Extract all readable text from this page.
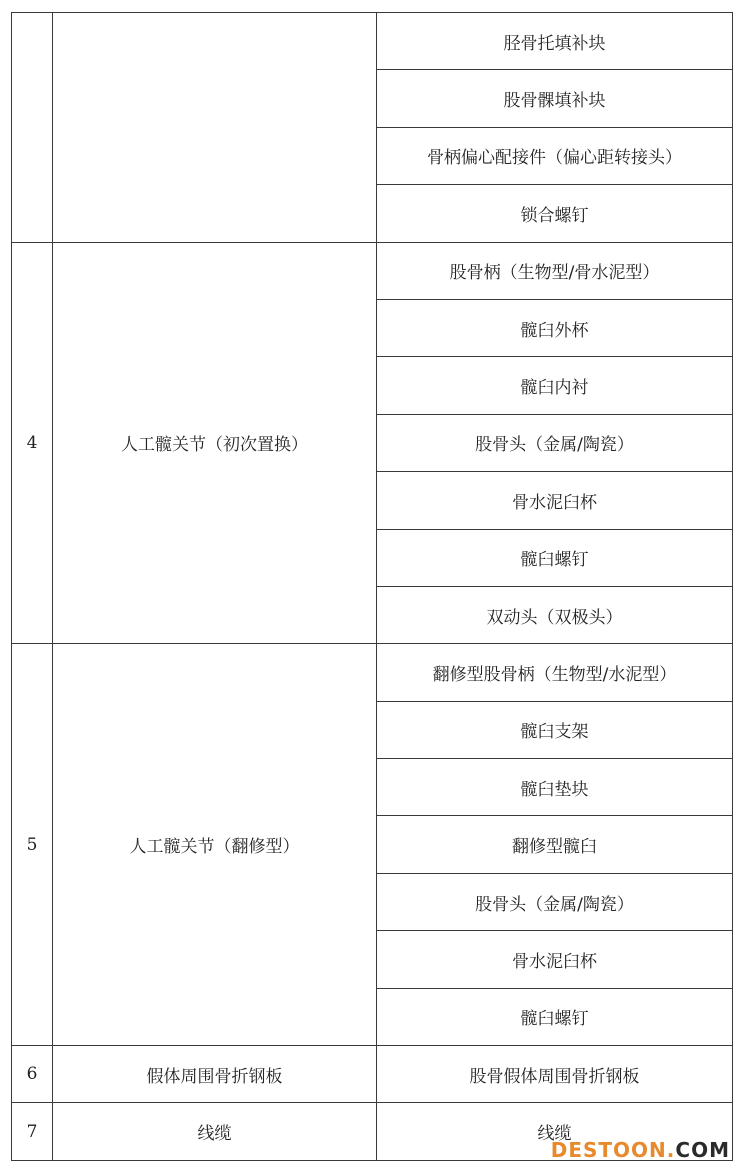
		胫骨托填补块
		股骨髁填补块
		骨柄偏心配接件（偏心距转接头）
		锁合螺钉
4	人工髋关节（初次置换）	股骨柄（生物型/骨水泥型）
		髋臼外杯
		髋臼内衬
		股骨头（金属/陶瓷）
		骨水泥臼杯
		髋臼螺钉
		双动头（双极头）
5	人工髋关节（翻修型）	翻修型股骨柄（生物型/水泥型）
		髋臼支架
		髋臼垫块
		翻修型髋臼
		股骨头（金属/陶瓷）
		骨水泥臼杯
		髋臼螺钉
6	假体周围骨折钢板	股骨假体周围骨折钢板
7	线缆	线缆
DESTOON.COM
